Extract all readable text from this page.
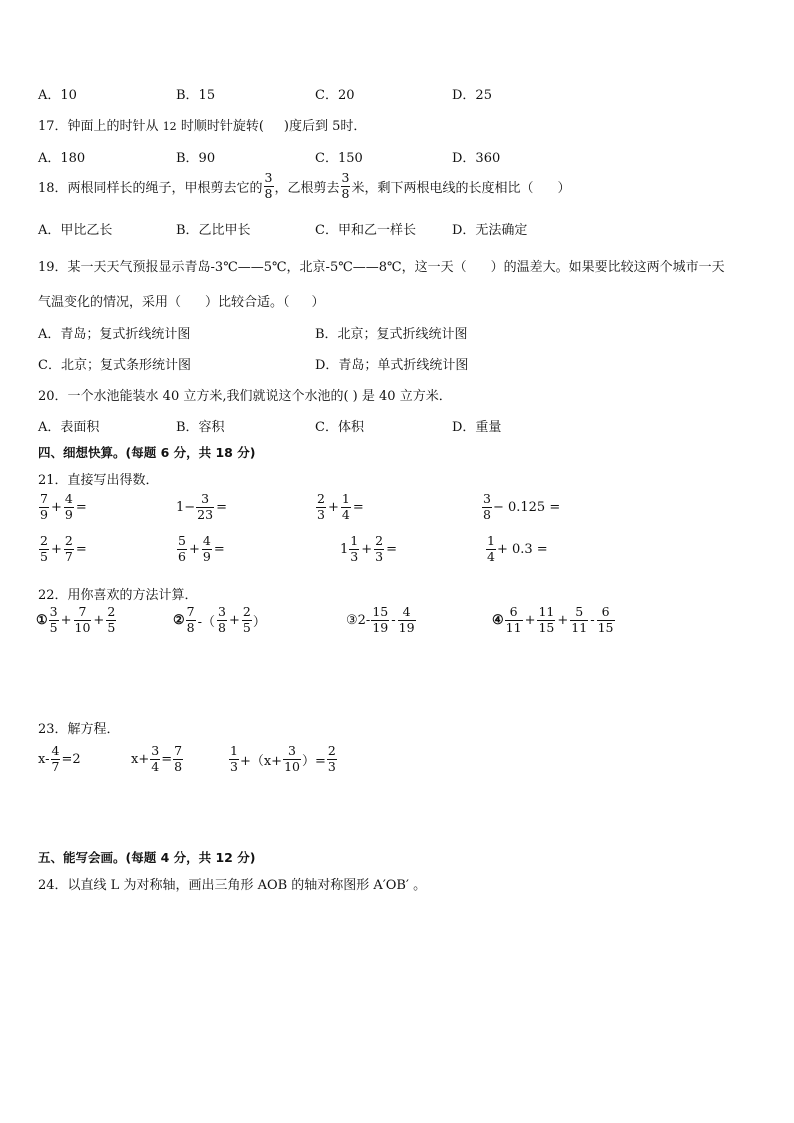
A．10	B．15	C．20	D．25
17．钟面上的时针从 12 时顺时针旋转( )度后到 5时．
A．180	B．90	C．150	D．360
18．两根同样长的绳子，甲根剪去它的 $\frac{3}{8}$ ，乙根剪去 $\frac{3}{8}$ 米，剩下两根电线的长度相比（ ）
A．甲比乙长	B．乙比甲长	C．甲和乙一样长	D．无法确定
19．某一天天气预报显示青岛-3℃——5℃，北京-5℃——8℃，这一天（ ）的温差大。如果要比较这两个城市一天
气温变化的情况，采用（ ）比较合适。（ ）
A．青岛；复式折线统计图	B．北京；复式折线统计图
C．北京；复式条形统计图	D．青岛；单式折线统计图
20．一个水池能装水 40 立方米,我们就说这个水池的( ) 是 40 立方米．
A．表面积	B．容积	C．体积	D．重量
四、细想快算。(每题 6 分，共 18 分)
21．直接写出得数．
$\frac{7}{9} + \frac{4}{9}$ =	$1- \frac{3}{23}$ =	$\frac{2}{3} + \frac{1}{4}$ =	$\frac{3}{8} - 0.125$ =
$\frac{2}{5} + \frac{2}{7}$ =	$\frac{5}{6} + \frac{4}{9}$ =	$1 \frac{1}{3} + \frac{2}{3}$ =	$\frac{1}{4} + 0.3$ =
22．用你喜欢的方法计算．
① $\frac{3}{5} + \frac{7}{10} + \frac{2}{5}$	② $\frac{7}{8}$ -（ $\frac{3}{8} + \frac{2}{5}$ ）	③2- $\frac{15}{19} - \frac{4}{19}$	④ $\frac{6}{11} + \frac{11}{15} + \frac{5}{11} - \frac{6}{15}$
23．解方程．
$x- \frac{4}{7} =2$	$x+ \frac{3}{4} = \frac{7}{8}$	$\frac{1}{3} +(x+ \frac{3}{10}$ ）= $\frac{2}{3}$
五、能写会画。(每题 4 分，共 12 分)
24．以直线 L 为对称轴，画出三角形 AOB 的轴对称图形 A′OB′ 。
